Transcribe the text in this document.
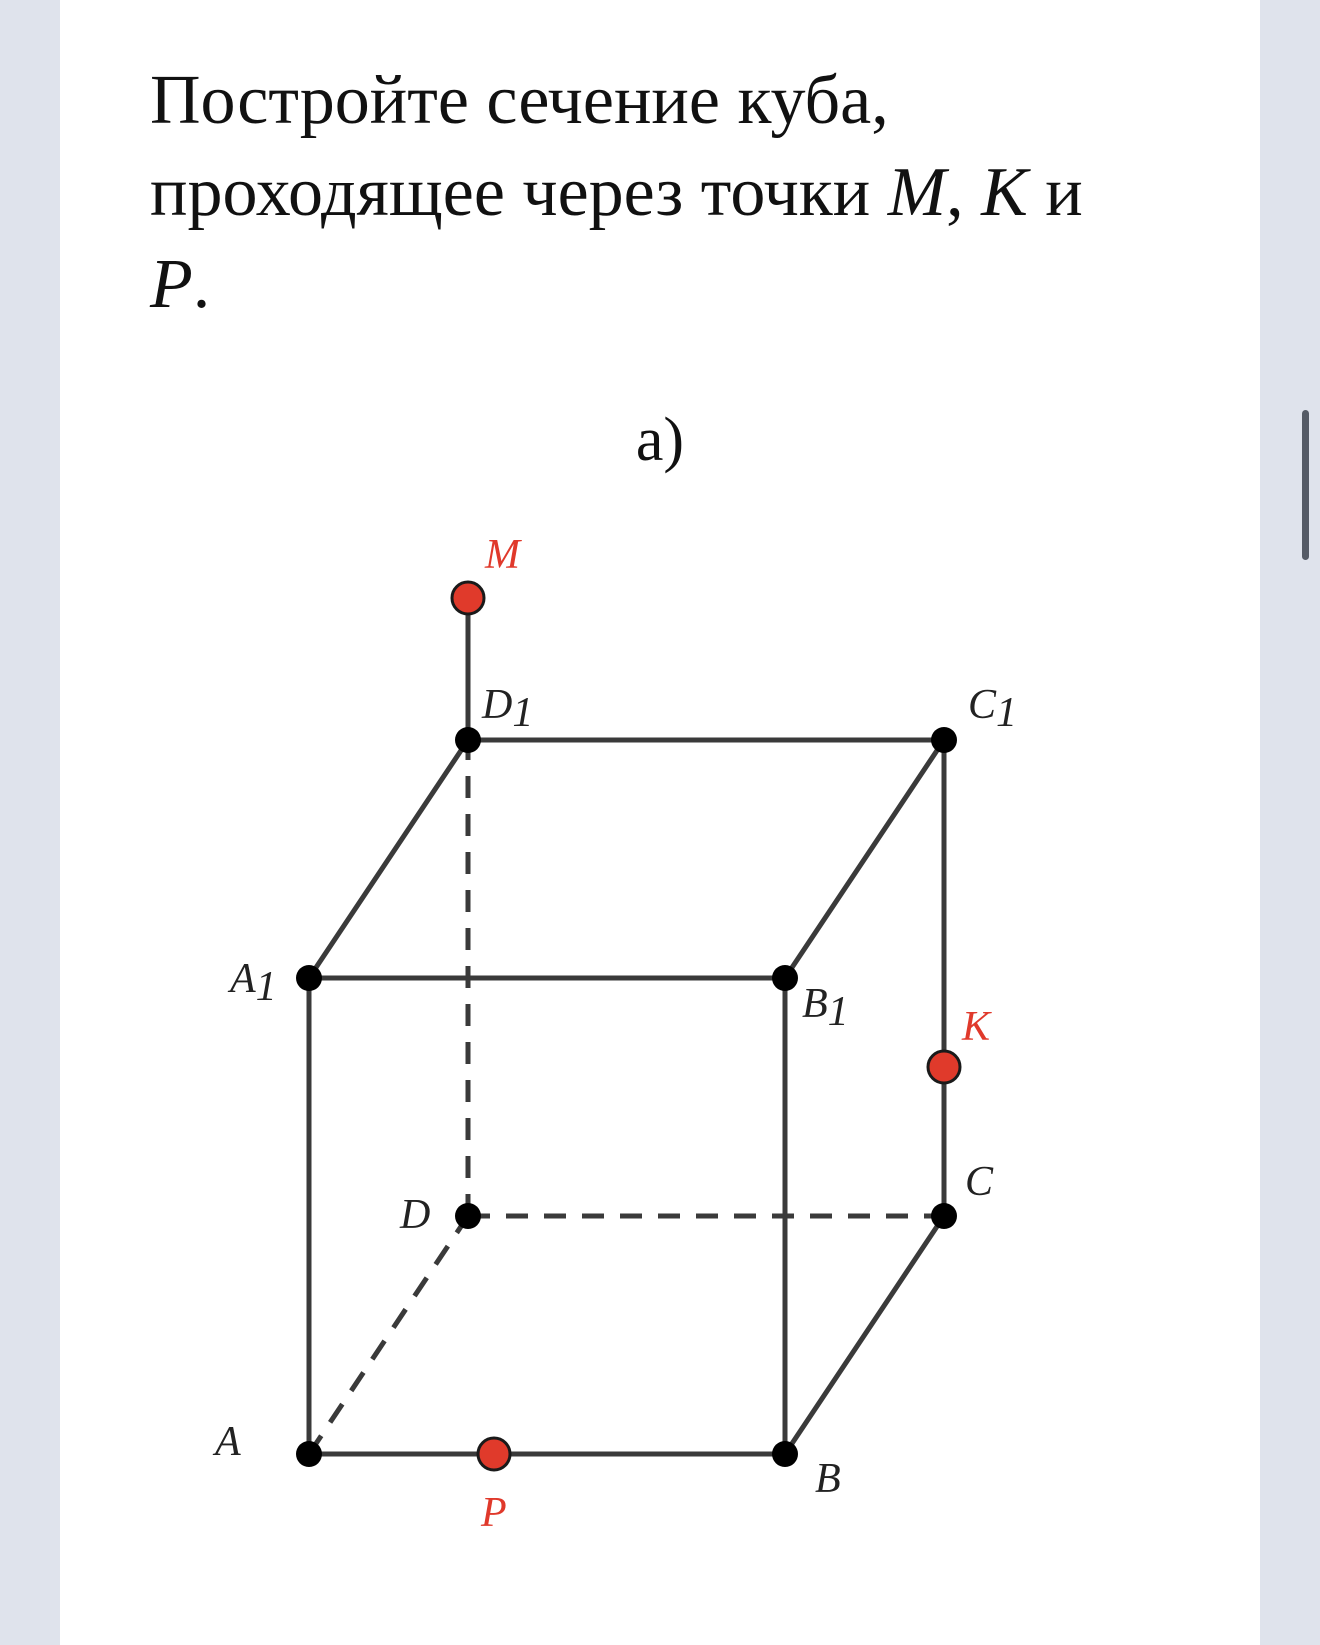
Постройте сечение куба,
проходящее через точки M, K и
P.
а)
A
B
C
D
A1	B1
C1
D1
M
K
P
